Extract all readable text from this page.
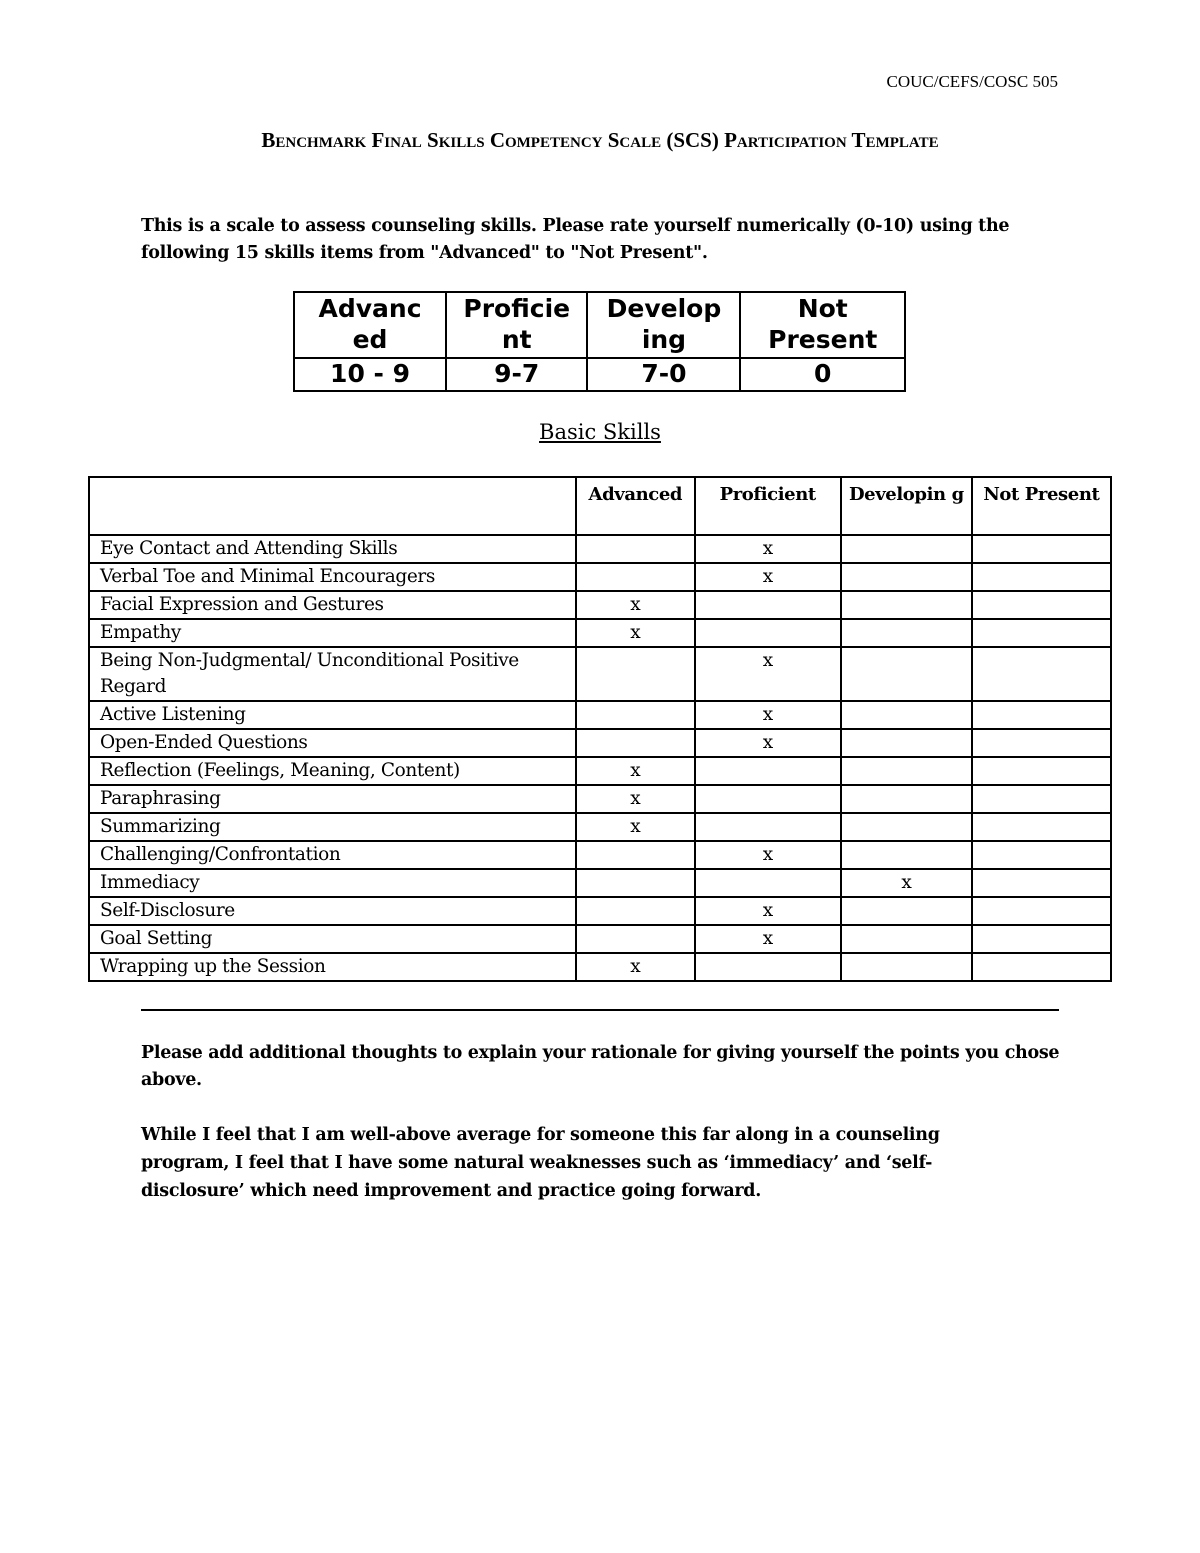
COUC/CEFS/COSC 505
Benchmark Final Skills Competency Scale (SCS) Participation Template
This is a scale to assess counseling skills. Please rate yourself numerically (0-10) using the following 15 skills items from "Advanced" to "Not Present".
Advanc ed	Proficie nt	Develop ing	Not Present
10 - 9	9-7	7-0	0
Basic Skills
	Advanced	Proficient	Developin g	Not Present
Eye Contact and Attending Skills		x		
Verbal Toe and Minimal Encouragers		x		
Facial Expression and Gestures	x			
Empathy	x			
Being Non-Judgmental/ Unconditional Positive Regard		x		
Active Listening		x		
Open-Ended Questions		x		
Reflection (Feelings, Meaning, Content)	x			
Paraphrasing	x			
Summarizing	x			
Challenging/Confrontation		x		
Immediacy			x	
Self-Disclosure		x		
Goal Setting		x		
Wrapping up the Session	x			
Please add additional thoughts to explain your rationale for giving yourself the points you chose above.
While I feel that I am well-above average for someone this far along in a counseling program, I feel that I have some natural weaknesses such as ‘immediacy’ and ‘self-disclosure’ which need improvement and practice going forward.
